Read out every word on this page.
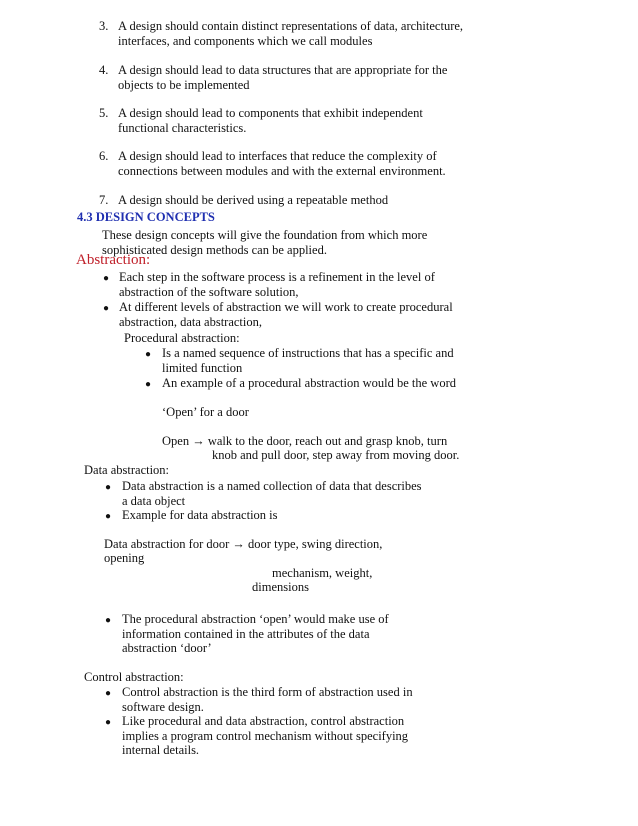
3. A design should contain distinct representations of data, architecture,
interfaces, and components which we call modules
4. A design should lead to data structures that are appropriate for the
objects to be implemented
5. A design should lead to components that exhibit independent
functional characteristics.
6. A design should lead to interfaces that reduce the complexity of
connections between modules and with the external environment.
7. A design should be derived using a repeatable method
4.3 DESIGN CONCEPTS
These design concepts will give the foundation from which more
sophisticated design methods can be applied.
Abstraction:
● Each step in the software process is a refinement in the level of
abstraction of the software solution,
● At different levels of abstraction we will work to create procedural
abstraction, data abstraction,
Procedural abstraction:
● Is a named sequence of instructions that has a specific and
limited function
● An example of a procedural abstraction would be the word
‘Open’ for a door
Open → walk to the door, reach out and grasp knob, turn
knob and pull door, step away from moving door.
Data abstraction:
● Data abstraction is a named collection of data that describes
a data object
● Example for data abstraction is
Data abstraction for door → door type, swing direction,
opening
mechanism, weight,
dimensions
● The procedural abstraction ‘open’ would make use of
information contained in the attributes of the data
abstraction ‘door’
Control abstraction:
● Control abstraction is the third form of abstraction used in
software design.
● Like procedural and data abstraction, control abstraction
implies a program control mechanism without specifying
internal details.
